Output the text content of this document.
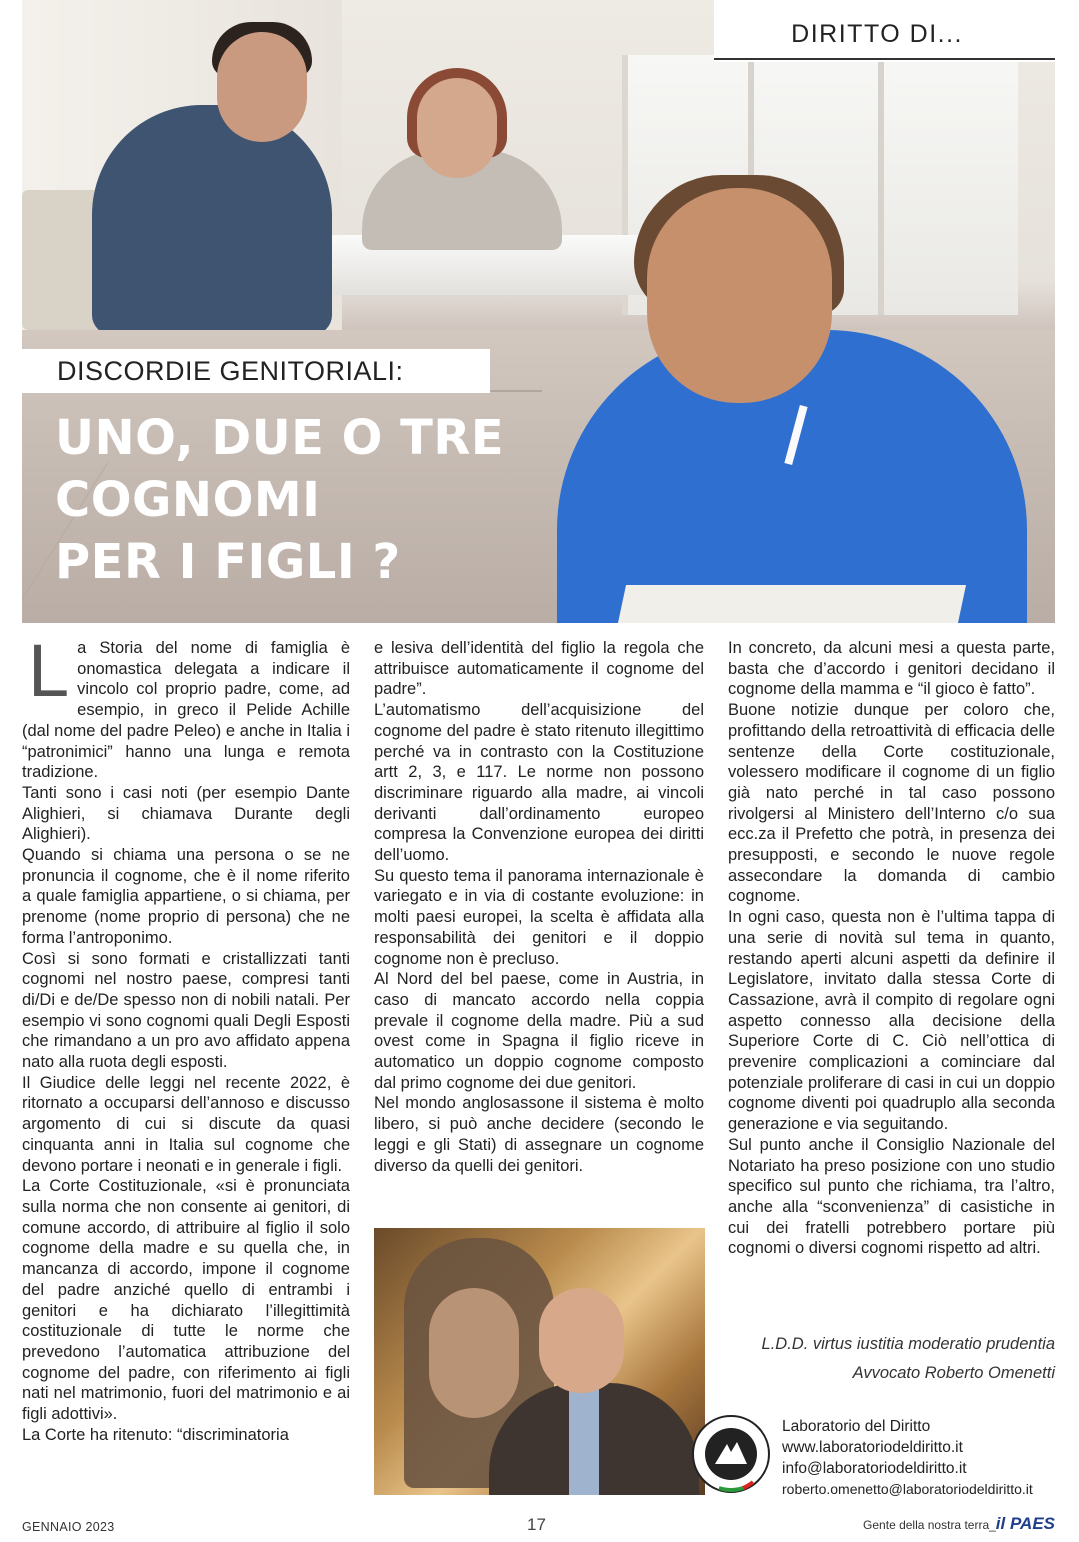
DIRITTO DI...
DISCORDIE GENITORIALI:
UNO, DUE O TRE
COGNOMI
PER I FIGLI ?

La Storia del nome di famiglia è onomastica delegata a indicare il vincolo col proprio padre, come, ad esempio, in greco il Pelide Achille (dal nome del padre Peleo) e anche in Italia i “patronimici” hanno una lunga e remota tradizione.

Tanti sono i casi noti (per esempio Dante Alighieri, si chiamava Durante degli Alighieri).

Quando si chiama una persona o se ne pronuncia il cognome, che è il nome riferito a quale famiglia appartiene, o si chiama, per prenome (nome proprio di persona) che ne forma l’antroponimo.

Così si sono formati e cristallizzati tanti cognomi nel nostro paese, compresi tanti di/Di e de/De spesso non di nobili natali. Per esempio vi sono cognomi quali Degli Esposti che rimandano a un pro avo affidato appena nato alla ruota degli esposti.

Il Giudice delle leggi nel recente 2022, è ritornato a occuparsi dell’annoso e discusso argomento di cui si discute da quasi cinquanta anni in Italia sul cognome che devono portare i neonati e in generale i figli.

La Corte Costituzionale, «si è pronunciata sulla norma che non consente ai genitori, di comune accordo, di attribuire al figlio il solo cognome della madre e su quella che, in mancanza di accordo, impone il cognome del padre anziché quello di entrambi i genitori e ha dichiarato l’illegittimità costituzionale di tutte le norme che prevedono l’automatica attribuzione del cognome del padre, con riferimento ai figli nati nel matrimonio, fuori del matrimonio e ai figli adottivi».

La Corte ha ritenuto: “discriminatoria

e lesiva dell’identità del figlio la regola che attribuisce automaticamente il cognome del padre”.

L’automatismo dell’acquisizione del cognome del padre è stato ritenuto illegittimo perché va in contrasto con la Costituzione artt 2, 3, e 117. Le norme non possono discriminare riguardo alla madre, ai vincoli derivanti dall’ordinamento europeo compresa la Convenzione europea dei diritti dell’uomo.

Su questo tema il panorama internazionale è variegato e in via di costante evoluzione: in molti paesi europei, la scelta è affidata alla responsabilità dei genitori e il doppio cognome non è precluso.

Al Nord del bel paese, come in Austria, in caso di mancato accordo nella coppia prevale il cognome della madre. Più a sud ovest come in Spagna il figlio riceve in automatico un doppio cognome composto dal primo cognome dei due genitori.

Nel mondo anglosassone il sistema è molto libero, si può anche decidere (secondo le leggi e gli Stati) di assegnare un cognome diverso da quelli dei genitori.

In concreto, da alcuni mesi a questa parte, basta che d’accordo i genitori decidano il cognome della mamma e “il gioco è fatto”.

Buone notizie dunque per coloro che, profittando della retroattività di efficacia delle sentenze della Corte costituzionale, volessero modificare il cognome di un figlio già nato perché in tal caso possono rivolgersi al Ministero dell’Interno c/o sua ecc.za il Prefetto che potrà, in presenza dei presupposti, e secondo le nuove regole assecondare la domanda di cambio cognome.

In ogni caso, questa non è l’ultima tappa di una serie di novità sul tema in quanto, restando aperti alcuni aspetti da definire il Legislatore, invitato dalla stessa Corte di Cassazione, avrà il compito di regolare ogni aspetto connesso alla decisione della Superiore Corte di C. Ciò nell’ottica di prevenire complicazioni a cominciare dal potenziale proliferare di casi in cui un doppio cognome diventi poi quadruplo alla seconda generazione e via seguitando.

Sul punto anche il Consiglio Nazionale del Notariato ha preso posizione con uno studio specifico sul punto che richiama, tra l’altro, anche alla “sconvenienza” di casistiche in cui dei fratelli potrebbero portare più cognomi o diversi cognomi rispetto ad altri.

L.D.D. virtus iustitia moderatio prudentia
Avvocato Roberto Omenetti
1987
Laboratorio del Diritto
www.laboratoriodeldiritto.it
info@laboratoriodeldiritto.it
roberto.omenetto@laboratoriodeldiritto.it
GENNAIO 2023	17	Gente della nostra terra_il PAES
